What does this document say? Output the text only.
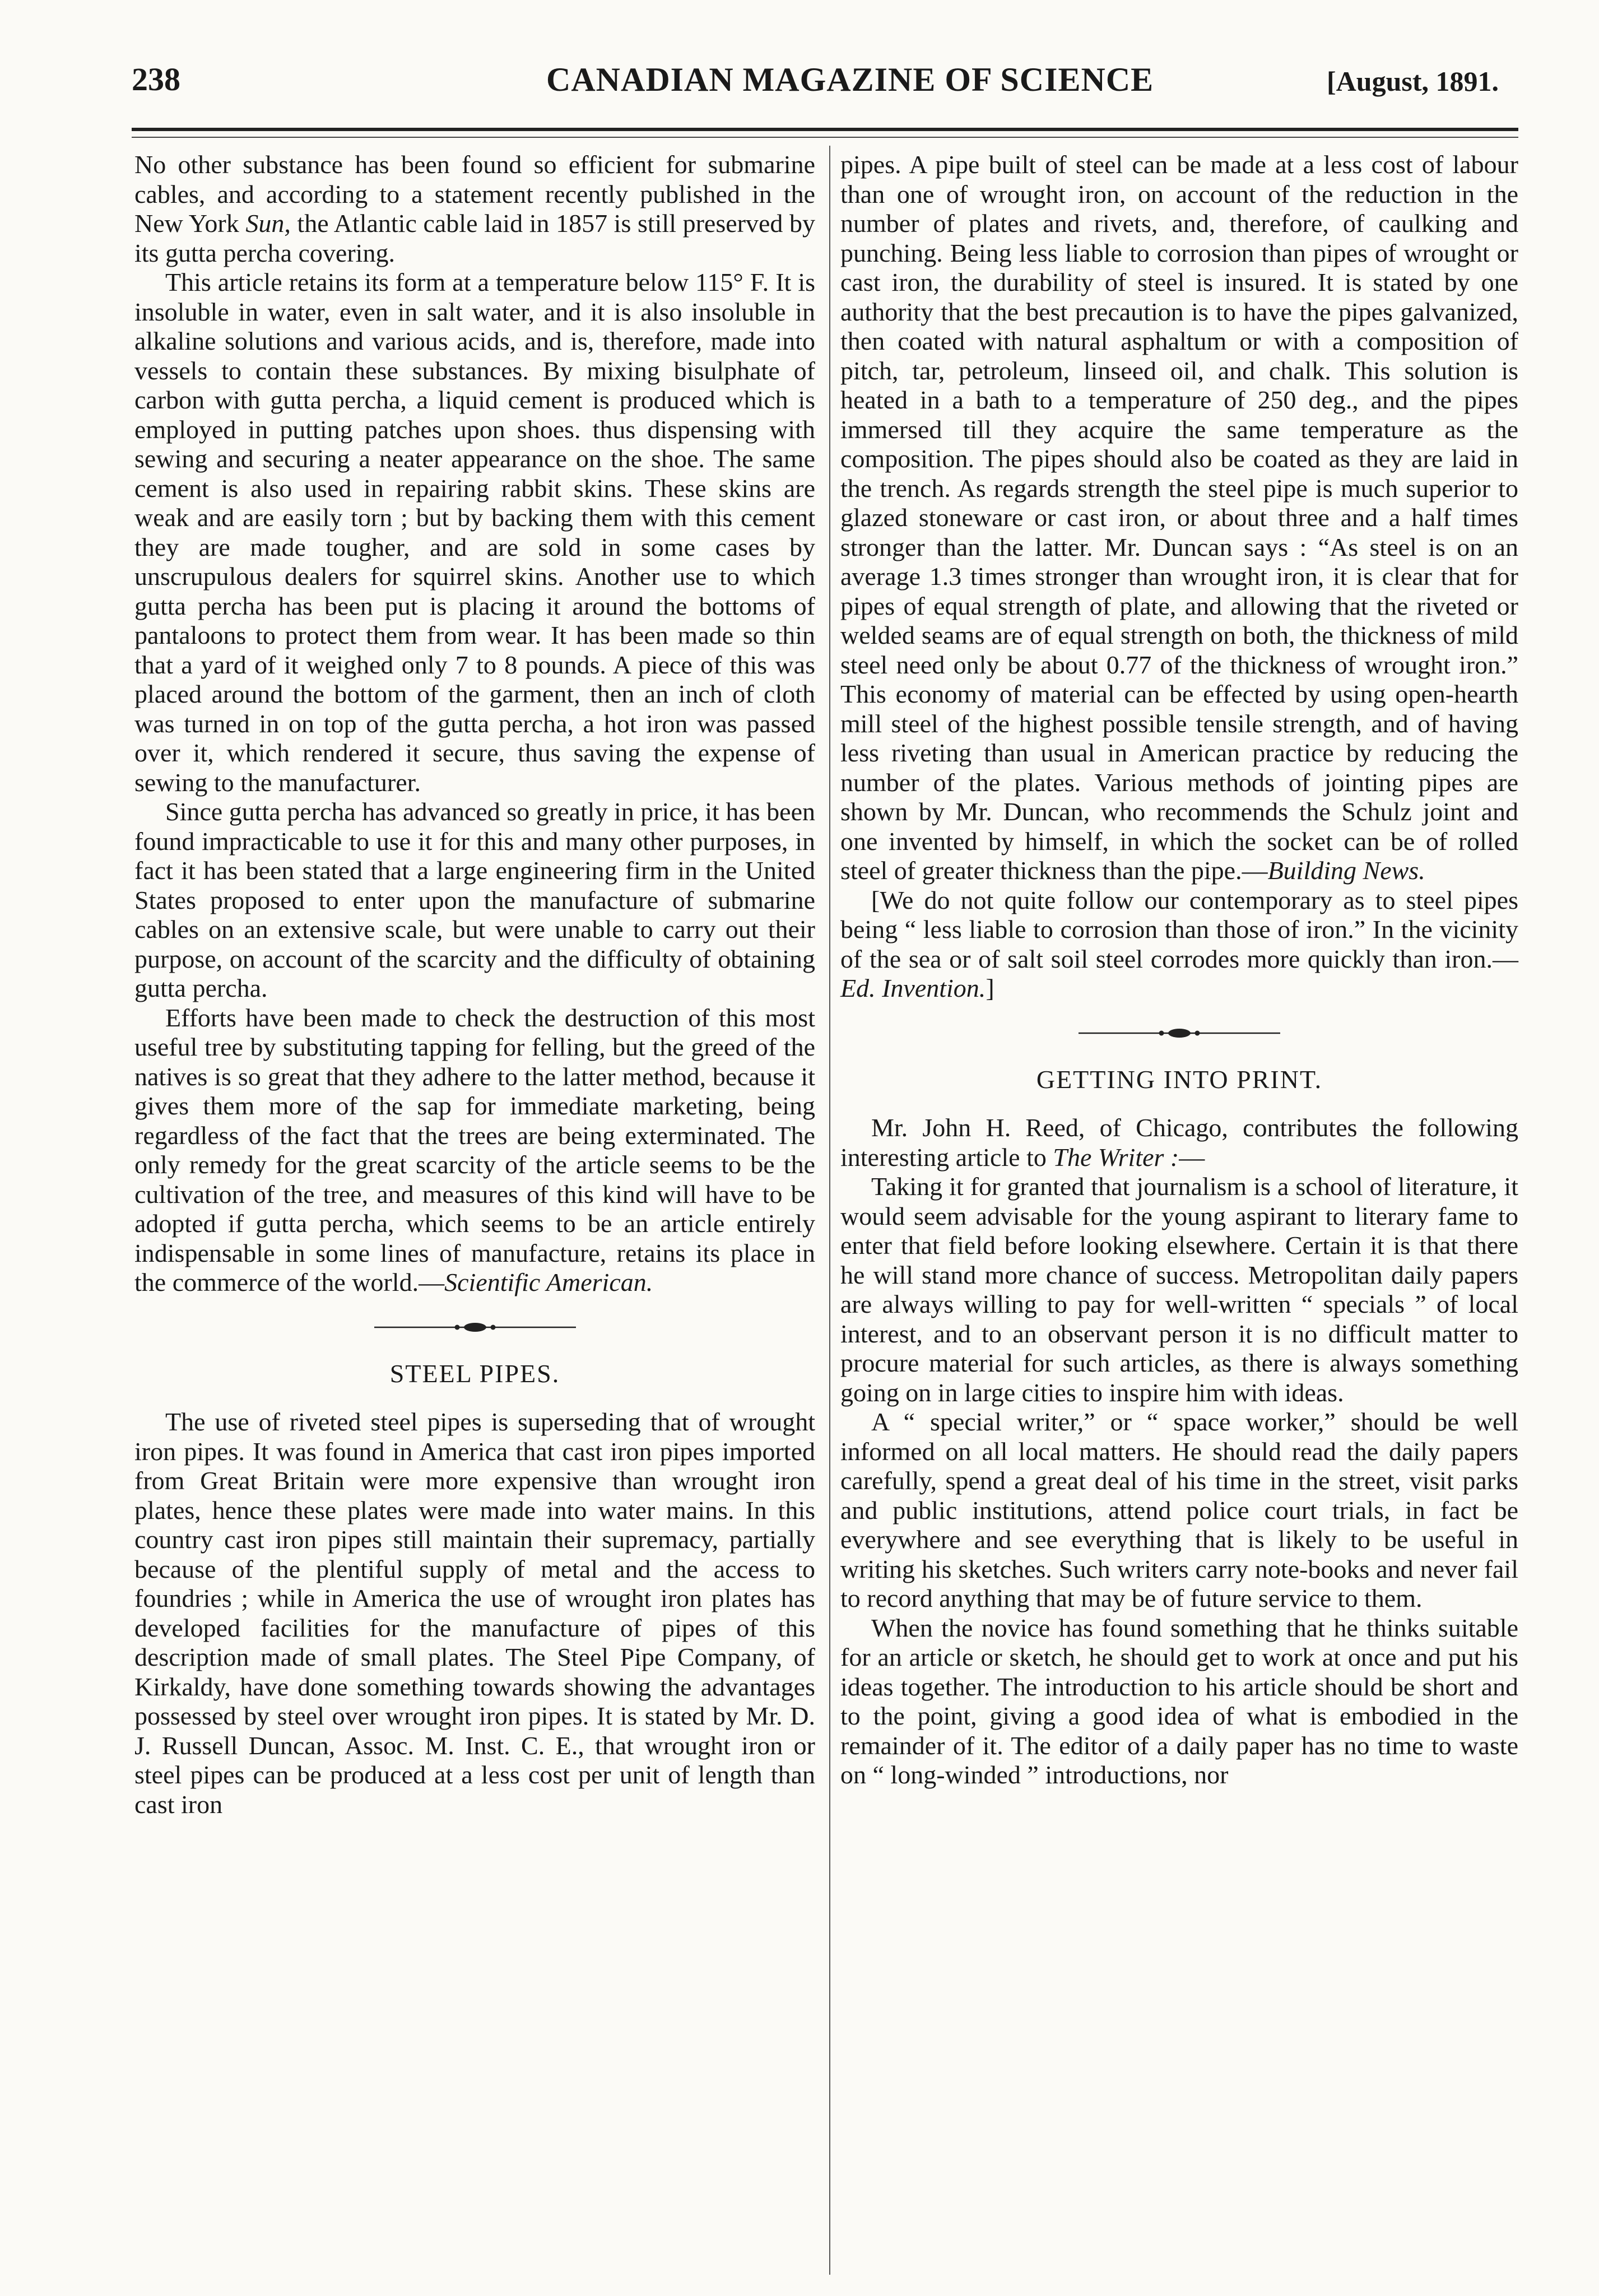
238	CANADIAN MAGAZINE OF SCIENCE	[August, 1891.

No other substance has been found so efficient for submarine cables, and according to a statement recently published in the New York Sun, the Atlantic cable laid in 1857 is still preserved by its gutta percha covering.

This article retains its form at a temperature below 115° F. It is insoluble in water, even in salt water, and it is also insoluble in alkaline solutions and various acids, and is, therefore, made into vessels to contain these substances. By mixing bisulphate of carbon with gutta percha, a liquid cement is produced which is employed in putting patches upon shoes. thus dispensing with sewing and securing a neater appearance on the shoe. The same cement is also used in repairing rabbit skins. These skins are weak and are easily torn ; but by backing them with this cement they are made tougher, and are sold in some cases by unscrupulous dealers for squirrel skins. Another use to which gutta percha has been put is placing it around the bottoms of pantaloons to protect them from wear. It has been made so thin that a yard of it weighed only 7 to 8 pounds. A piece of this was placed around the bottom of the garment, then an inch of cloth was turned in on top of the gutta percha, a hot iron was passed over it, which rendered it secure, thus saving the expense of sewing to the manufacturer.

Since gutta percha has advanced so greatly in price, it has been found impracticable to use it for this and many other purposes, in fact it has been stated that a large engineering firm in the United States proposed to enter upon the manufacture of submarine cables on an extensive scale, but were unable to carry out their purpose, on account of the scarcity and the difficulty of obtaining gutta percha.

Efforts have been made to check the destruction of this most useful tree by substituting tapping for felling, but the greed of the natives is so great that they adhere to the latter method, because it gives them more of the sap for immediate marketing, being regardless of the fact that the trees are being exterminated. The only remedy for the great scarcity of the article seems to be the cultivation of the tree, and measures of this kind will have to be adopted if gutta percha, which seems to be an article entirely indispensable in some lines of manufacture, retains its place in the commerce of the world.—Scientific American.

STEEL PIPES.

The use of riveted steel pipes is superseding that of wrought iron pipes. It was found in America that cast iron pipes imported from Great Britain were more expensive than wrought iron plates, hence these plates were made into water mains. In this country cast iron pipes still maintain their supremacy, partially because of the plentiful supply of metal and the access to foundries ; while in America the use of wrought iron plates has developed facilities for the manufacture of pipes of this description made of small plates. The Steel Pipe Company, of Kirkaldy, have done something towards showing the advantages possessed by steel over wrought iron pipes. It is stated by Mr. D. J. Russell Duncan, Assoc. M. Inst. C. E., that wrought iron or steel pipes can be produced at a less cost per unit of length than cast iron

pipes. A pipe built of steel can be made at a less cost of labour than one of wrought iron, on account of the reduction in the number of plates and rivets, and, therefore, of caulking and punching. Being less liable to corrosion than pipes of wrought or cast iron, the durability of steel is insured. It is stated by one authority that the best precaution is to have the pipes galvanized, then coated with natural asphaltum or with a composition of pitch, tar, petroleum, linseed oil, and chalk. This solution is heated in a bath to a temperature of 250 deg., and the pipes immersed till they acquire the same temperature as the composition. The pipes should also be coated as they are laid in the trench. As regards strength the steel pipe is much superior to glazed stoneware or cast iron, or about three and a half times stronger than the latter. Mr. Duncan says : “As steel is on an average 1.3 times stronger than wrought iron, it is clear that for pipes of equal strength of plate, and allowing that the riveted or welded seams are of equal strength on both, the thickness of mild steel need only be about 0.77 of the thickness of wrought iron.” This economy of material can be effected by using open-hearth mill steel of the highest possible tensile strength, and of having less riveting than usual in American practice by reducing the number of the plates. Various methods of jointing pipes are shown by Mr. Duncan, who recommends the Schulz joint and one invented by himself, in which the socket can be of rolled steel of greater thickness than the pipe.—Building News.

[We do not quite follow our contemporary as to steel pipes being “ less liable to corrosion than those of iron.” In the vicinity of the sea or of salt soil steel corrodes more quickly than iron.—Ed. Invention.]

GETTING INTO PRINT.

Mr. John H. Reed, of Chicago, contributes the following interesting article to The Writer :—

Taking it for granted that journalism is a school of literature, it would seem advisable for the young aspirant to literary fame to enter that field before looking elsewhere. Certain it is that there he will stand more chance of success. Metropolitan daily papers are always willing to pay for well-written “ specials ” of local interest, and to an observant person it is no difficult matter to procure material for such articles, as there is always something going on in large cities to inspire him with ideas.

A “ special writer,” or “ space worker,” should be well informed on all local matters. He should read the daily papers carefully, spend a great deal of his time in the street, visit parks and public institutions, attend police court trials, in fact be everywhere and see everything that is likely to be useful in writing his sketches. Such writers carry note-books and never fail to record anything that may be of future service to them.

When the novice has found something that he thinks suitable for an article or sketch, he should get to work at once and put his ideas together. The introduction to his article should be short and to the point, giving a good idea of what is embodied in the remainder of it. The editor of a daily paper has no time to waste on “ long-winded ” introductions, nor
